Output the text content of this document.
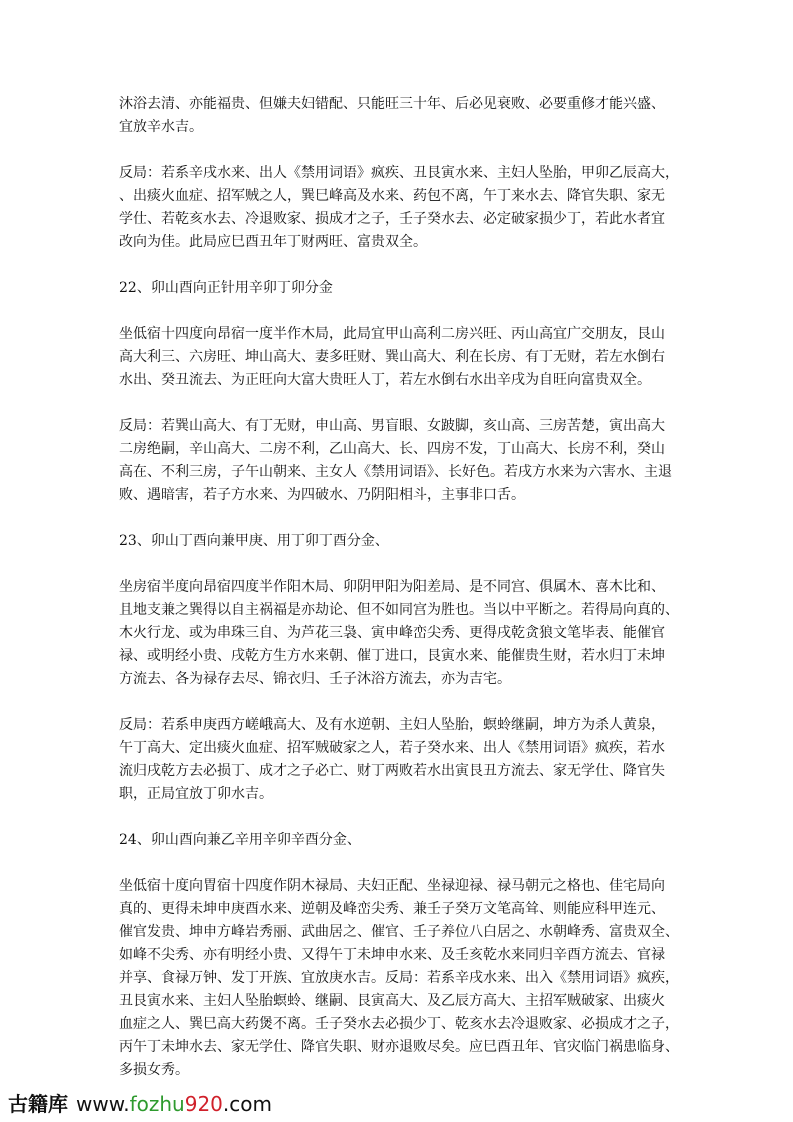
沐浴去清、亦能福贵、但嫌夫妇错配、只能旺三十年、后必见衰败、必要重修才能兴盛、
宜放辛水吉。
反局：若系辛戌水来、出人《禁用词语》疯疾、丑艮寅水来、主妇人坠胎，甲卯乙辰高大，
、出痰火血症、招军贼之人，巽巳峰高及水来、药包不离，午丁来水去、降官失职、家无
学仕、若乾亥水去、冷退败家、损成才之子，壬子癸水去、必定破家损少丁，若此水者宜
改向为佳。此局应巳酉丑年丁财两旺、富贵双全。
22、卯山酉向正针用辛卯丁卯分金
坐低宿十四度向昂宿一度半作木局，此局宜甲山高利二房兴旺、丙山高宜广交朋友，艮山
高大利三、六房旺、坤山高大、妻多旺财、巽山高大、利在长房、有丁无财，若左水倒右
水出、癸丑流去、为正旺向大富大贵旺人丁，若左水倒右水出辛戌为自旺向富贵双全。
反局：若巽山高大、有丁无财，申山高、男盲眼、女跛脚，亥山高、三房苦楚，寅出高大
二房绝嗣，辛山高大、二房不利，乙山高大、长、四房不发，丁山高大、长房不利，癸山
高在、不利三房，子午山朝来、主女人《禁用词语》、长好色。若戌方水来为六害水、主退
败、遇暗害，若子方水来、为四破水、乃阴阳相斗，主事非口舌。
23、卯山丁酉向兼甲庚、用丁卯丁酉分金、
坐房宿半度向昂宿四度半作阳木局、卯阴甲阳为阳差局、是不同宫、俱属木、喜木比和、
且地支兼之巽得以自主祸福是亦劫论、但不如同宫为胜也。当以中平断之。若得局向真的、
木火行龙、或为串珠三自、为芦花三袅、寅申峰峦尖秀、更得戌乾贪狼文笔毕表、能催官
禄、或明经小贵、戌乾方生方水来朝、催丁进口，艮寅水来、能催贵生财，若水归丁未坤
方流去、各为禄存去尽、锦衣归、壬子沐浴方流去，亦为吉宅。
反局：若系申庚西方嵯峨高大、及有水逆朝、主妇人坠胎，螟蛉继嗣，坤方为杀人黄泉，
午丁高大、定出痰火血症、招军贼破家之人，若子癸水来、出人《禁用词语》疯疾，若水
流归戌乾方去必损丁、成才之子必亡、财丁两败若水出寅艮丑方流去、家无学仕、降官失
职，正局宜放丁卯水吉。
24、卯山酉向兼乙辛用辛卯辛酉分金、
坐低宿十度向胃宿十四度作阴木禄局、夫妇正配、坐禄迎禄、禄马朝元之格也、佳宅局向
真的、更得未坤申庚酉水来、逆朝及峰峦尖秀、兼壬子癸万文笔高耸、则能应科甲连元、
催官发贵、坤申方峰岩秀丽、武曲居之、催官、壬子养位八白居之、水朝峰秀、富贵双全、
如峰不尖秀、亦有明经小贵、又得午丁未坤申水来、及壬亥乾水来同归辛酉方流去、官禄
并享、食禄万钟、发丁开族、宜放庚水吉。反局：若系辛戌水来、出入《禁用词语》疯疾，
丑艮寅水来、主妇人坠胎螟蛉、继嗣、艮寅高大、及乙辰方高大、主招军贼破家、出痰火
血症之人、巽巳高大药煲不离。壬子癸水去必损少丁、乾亥水去冷退败家、必损成才之子，
丙午丁未坤水去、家无学仕、降官失职、财亦退败尽矣。应巳酉丑年、官灾临门祸患临身、
多损女秀。
古籍库 www.fozhu920.com
